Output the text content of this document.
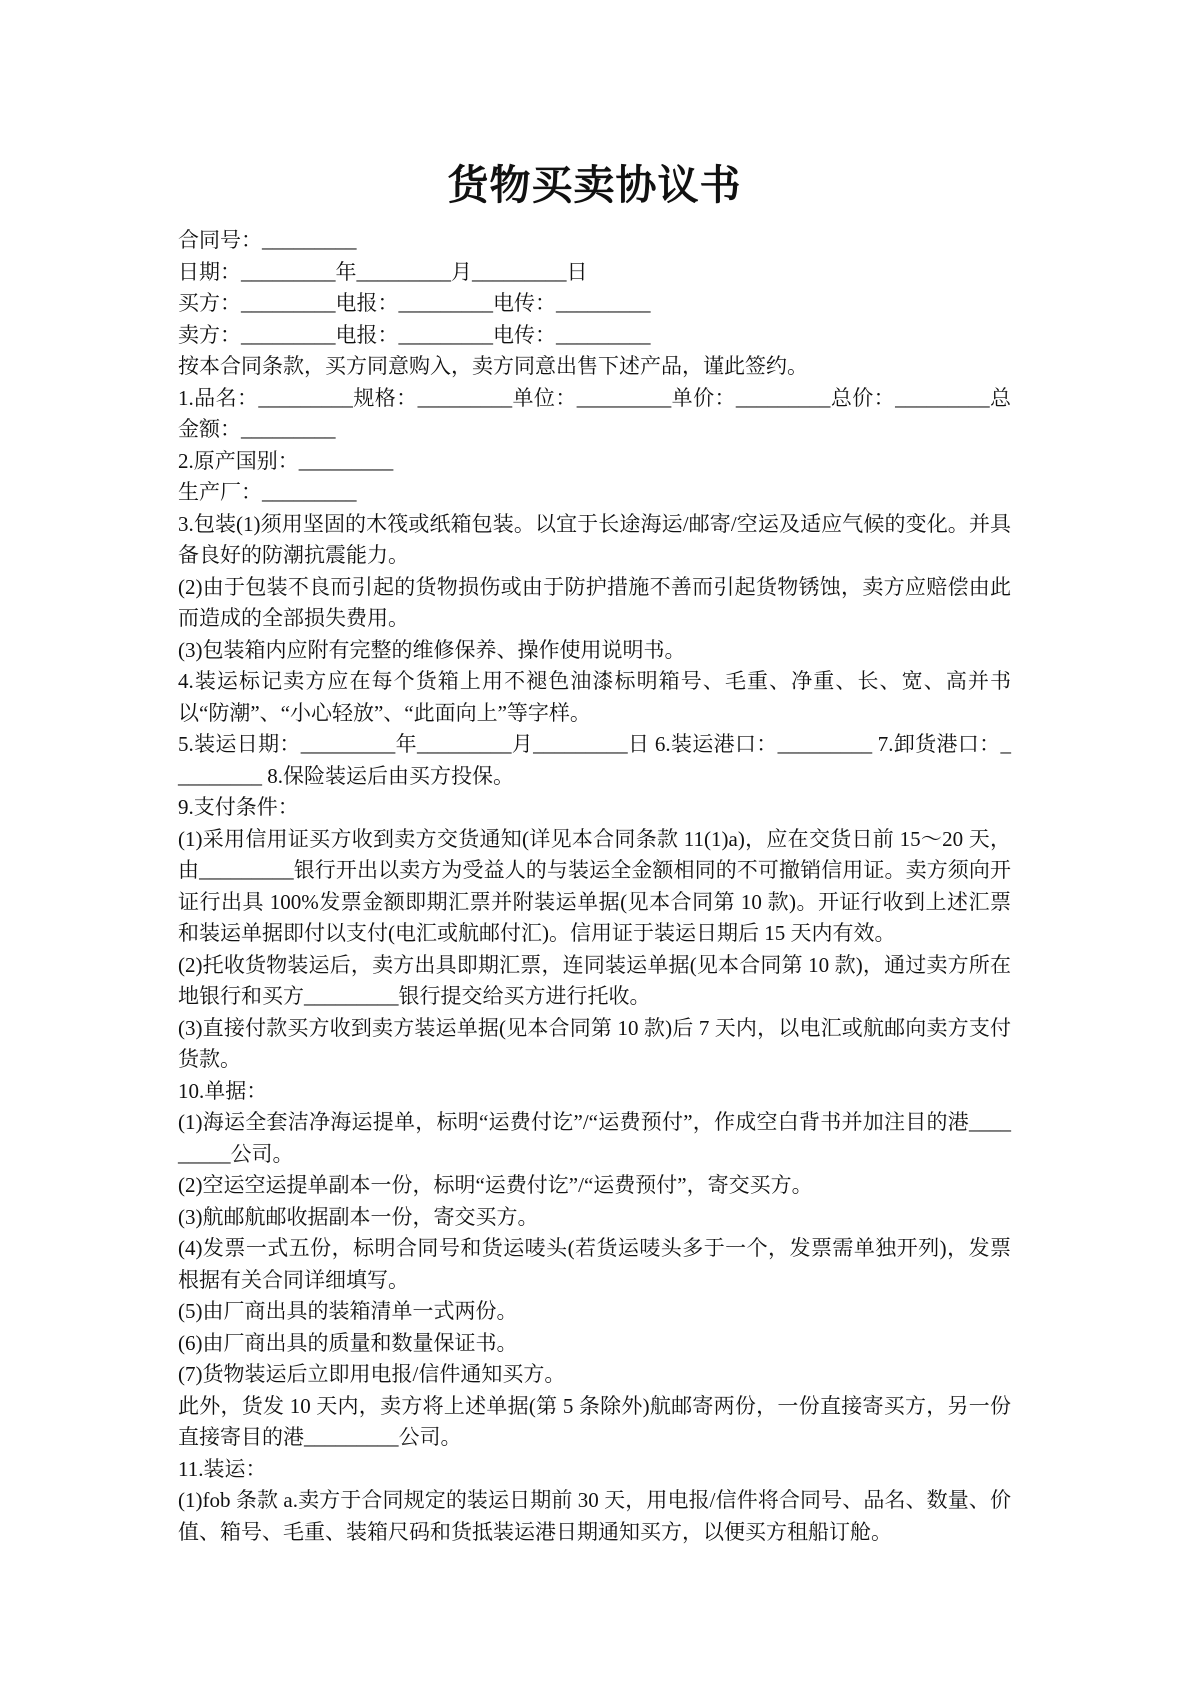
货物买卖协议书

合同号：_________

日期：_________年_________月_________日

买方：_________电报：_________电传：_________

卖方：_________电报：_________电传：_________

按本合同条款，买方同意购入，卖方同意出售下述产品，谨此签约。

1.品名：_________规格：_________单位：_________单价：_________总价：_________总金额：_________

2.原产国别：_________

生产厂：_________

3.包装(1)须用坚固的木筏或纸箱包装。以宜于长途海运/邮寄/空运及适应气候的变化。并具备良好的防潮抗震能力。

(2)由于包装不良而引起的货物损伤或由于防护措施不善而引起货物锈蚀，卖方应赔偿由此而造成的全部损失费用。

(3)包装箱内应附有完整的维修保养、操作使用说明书。

4.装运标记卖方应在每个货箱上用不褪色油漆标明箱号、毛重、净重、长、宽、高并书以“防潮”、“小心轻放”、“此面向上”等字样。

5.装运日期：_________年_________月_________日 6.装运港口：_________ 7.卸货港口：_________ 8.保险装运后由买方投保。

9.支付条件：

(1)采用信用证买方收到卖方交货通知(详见本合同条款 11(1)a)，应在交货日前 15～20 天，由_________银行开出以卖方为受益人的与装运全金额相同的不可撤销信用证。卖方须向开证行出具 100%发票金额即期汇票并附装运单据(见本合同第 10 款)。开证行收到上述汇票和装运单据即付以支付(电汇或航邮付汇)。信用证于装运日期后 15 天内有效。

(2)托收货物装运后，卖方出具即期汇票，连同装运单据(见本合同第 10 款)，通过卖方所在地银行和买方_________银行提交给买方进行托收。

(3)直接付款买方收到卖方装运单据(见本合同第 10 款)后 7 天内，以电汇或航邮向卖方支付货款。

10.单据：

(1)海运全套洁净海运提单，标明“运费付讫”/“运费预付”，作成空白背书并加注目的港_________公司。

(2)空运空运提单副本一份，标明“运费付讫”/“运费预付”，寄交买方。

(3)航邮航邮收据副本一份，寄交买方。

(4)发票一式五份，标明合同号和货运唛头(若货运唛头多于一个，发票需单独开列)，发票根据有关合同详细填写。

(5)由厂商出具的装箱清单一式两份。

(6)由厂商出具的质量和数量保证书。

(7)货物装运后立即用电报/信件通知买方。

此外，货发 10 天内，卖方将上述单据(第 5 条除外)航邮寄两份，一份直接寄买方，另一份直接寄目的港_________公司。

11.装运：

(1)fob 条款 a.卖方于合同规定的装运日期前 30 天，用电报/信件将合同号、品名、数量、价值、箱号、毛重、装箱尺码和货抵装运港日期通知买方，以便买方租船订舱。
